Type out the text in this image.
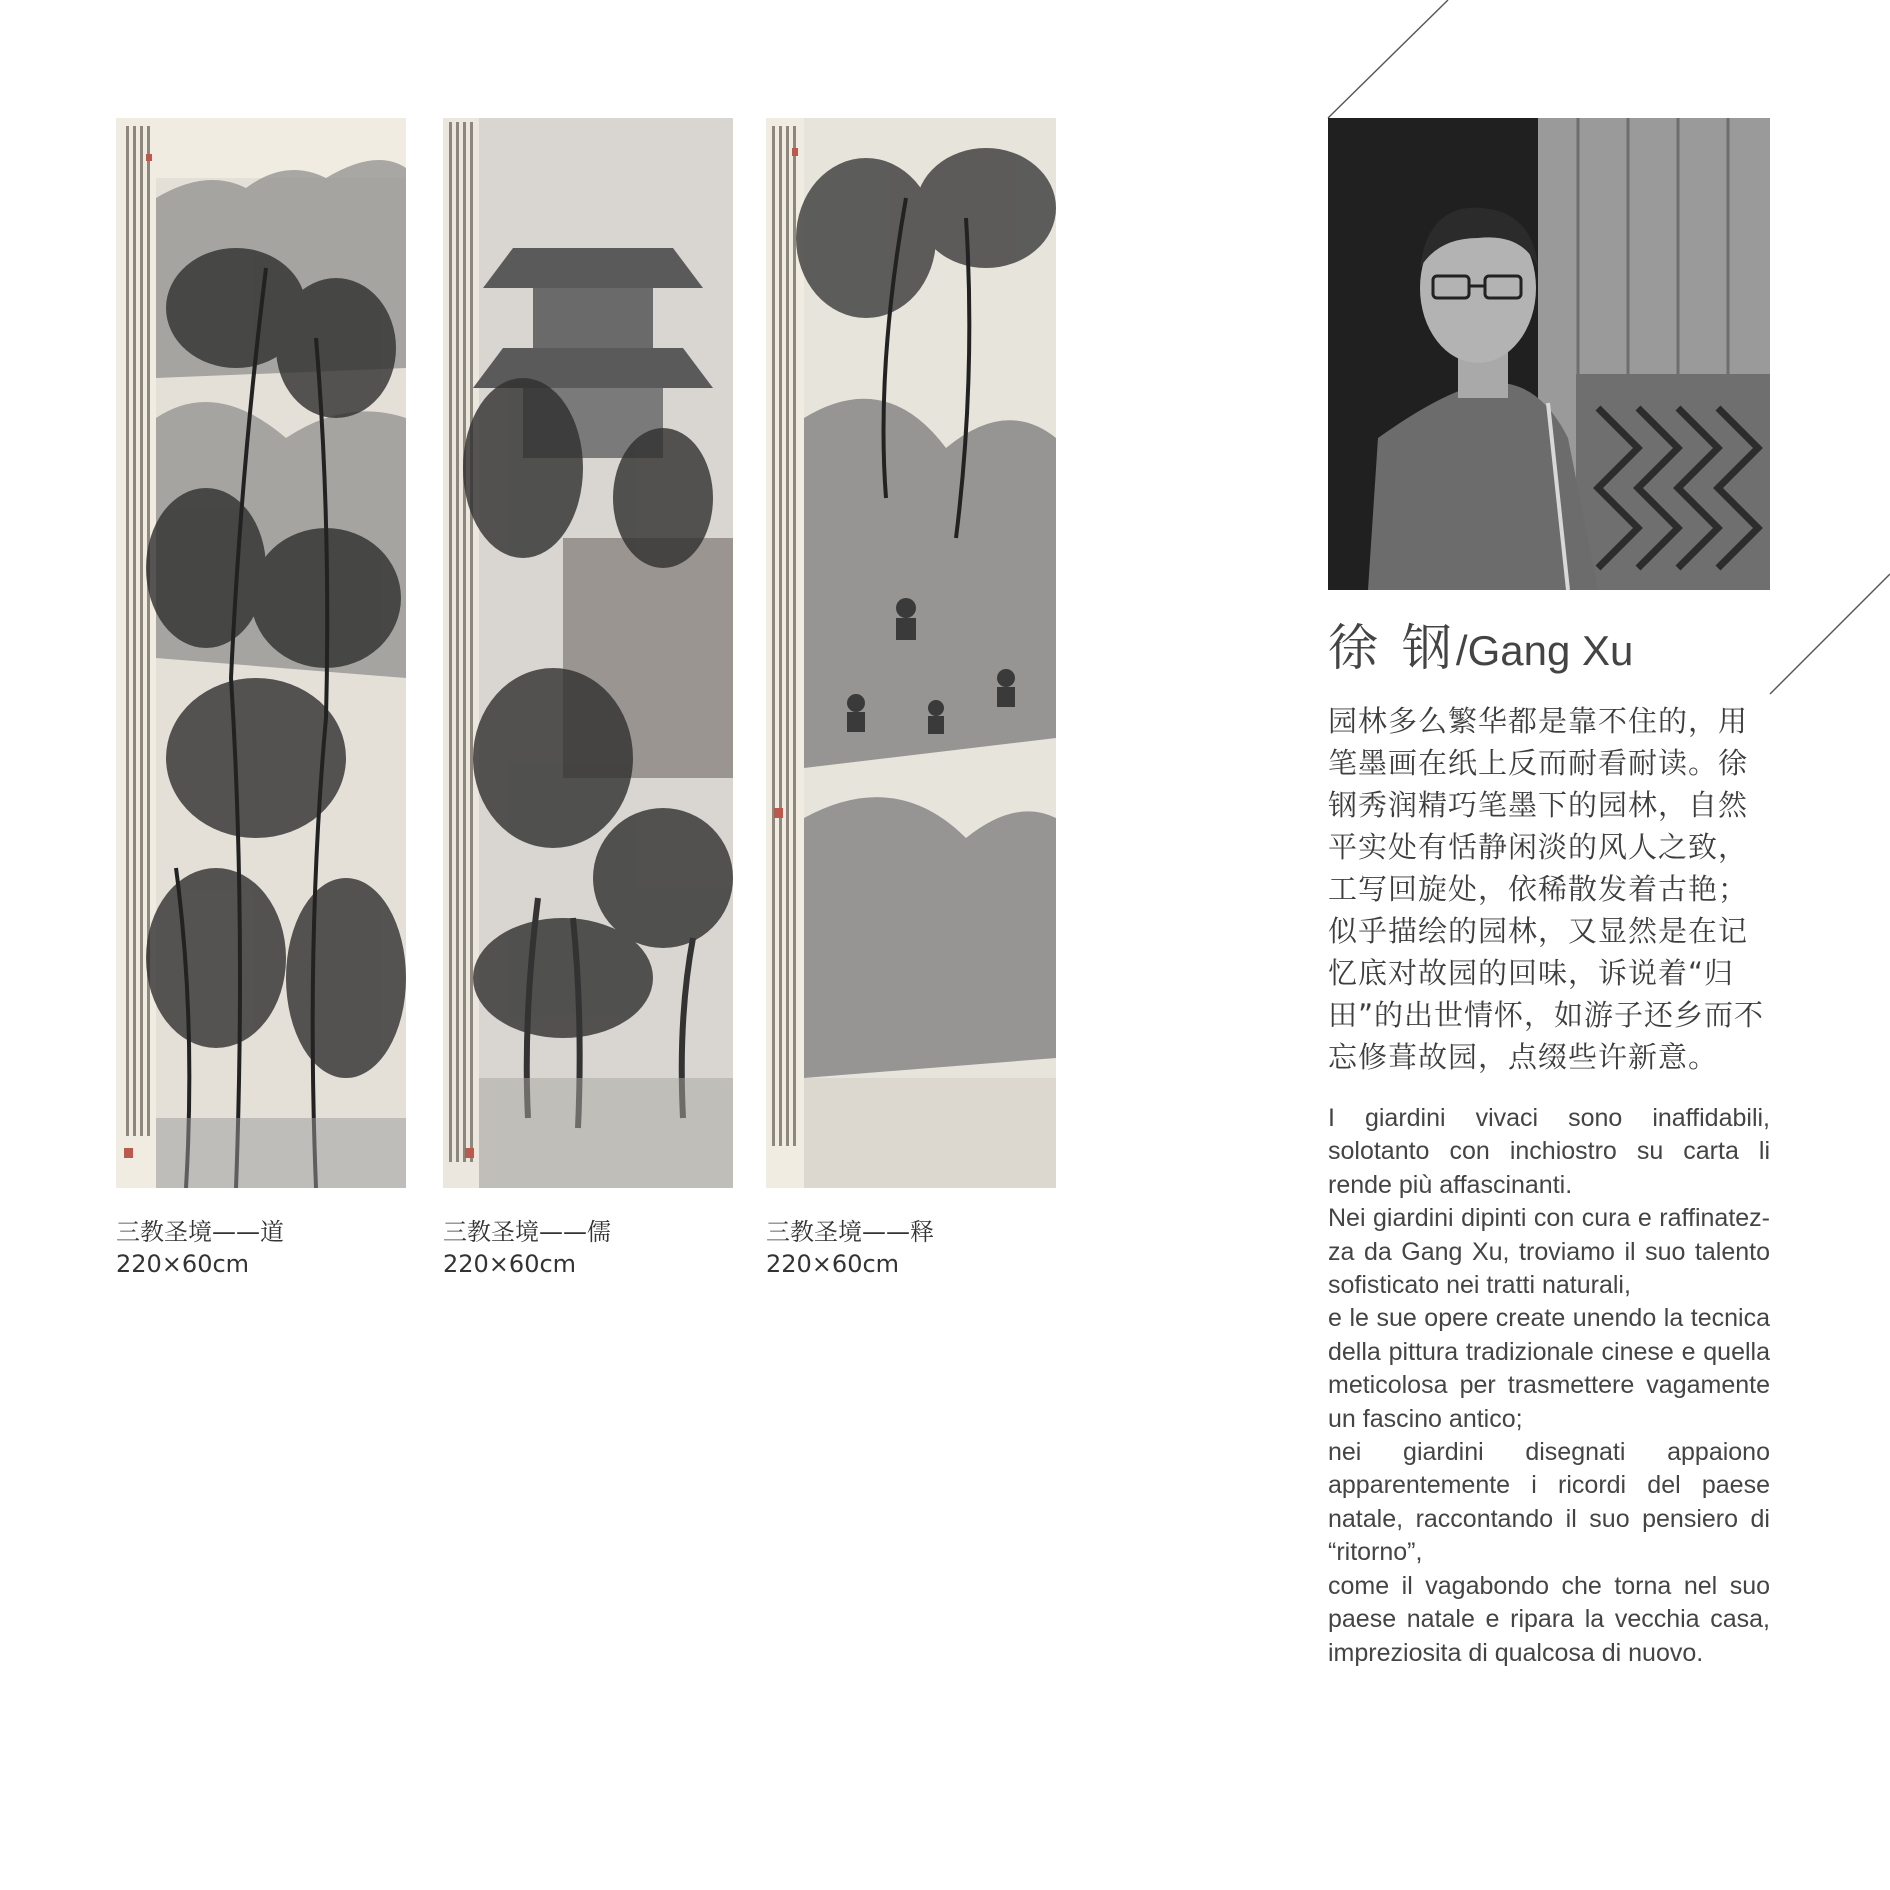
三教圣境——道
220×60cm
三教圣境——儒
220×60cm
三教圣境——释
220×60cm
徐 钢/Gang Xu
园林多么繁华都是靠不住的，用笔墨画在纸上反而耐看耐读。徐钢秀润精巧笔墨下的园林，自然平实处有恬静闲淡的风人之致，工写回旋处，依稀散发着古艳；似乎描绘的园林，又显然是在记忆底对故园的回味，诉说着“归田”的出世情怀，如游子还乡而不忘修葺故园，点缀些许新意。

I giardini vivaci sono inaffidabili,

solotanto con inchiostro su carta li

rende più affascinanti.

Nei giardini dipinti con cura e raffinatez-

za da Gang Xu, troviamo il suo talento

sofisticato nei tratti naturali,

e le sue opere create unendo la tecnica

della pittura tradizionale cinese e quella

meticolosa per trasmettere vagamente

un fascino antico;

nei giardini disegnati appaiono

apparentemente i ricordi del paese

natale, raccontando il suo pensiero di

“ritorno”,

come il vagabondo che torna nel suo

paese natale e ripara la vecchia casa,

impreziosita di qualcosa di nuovo.
